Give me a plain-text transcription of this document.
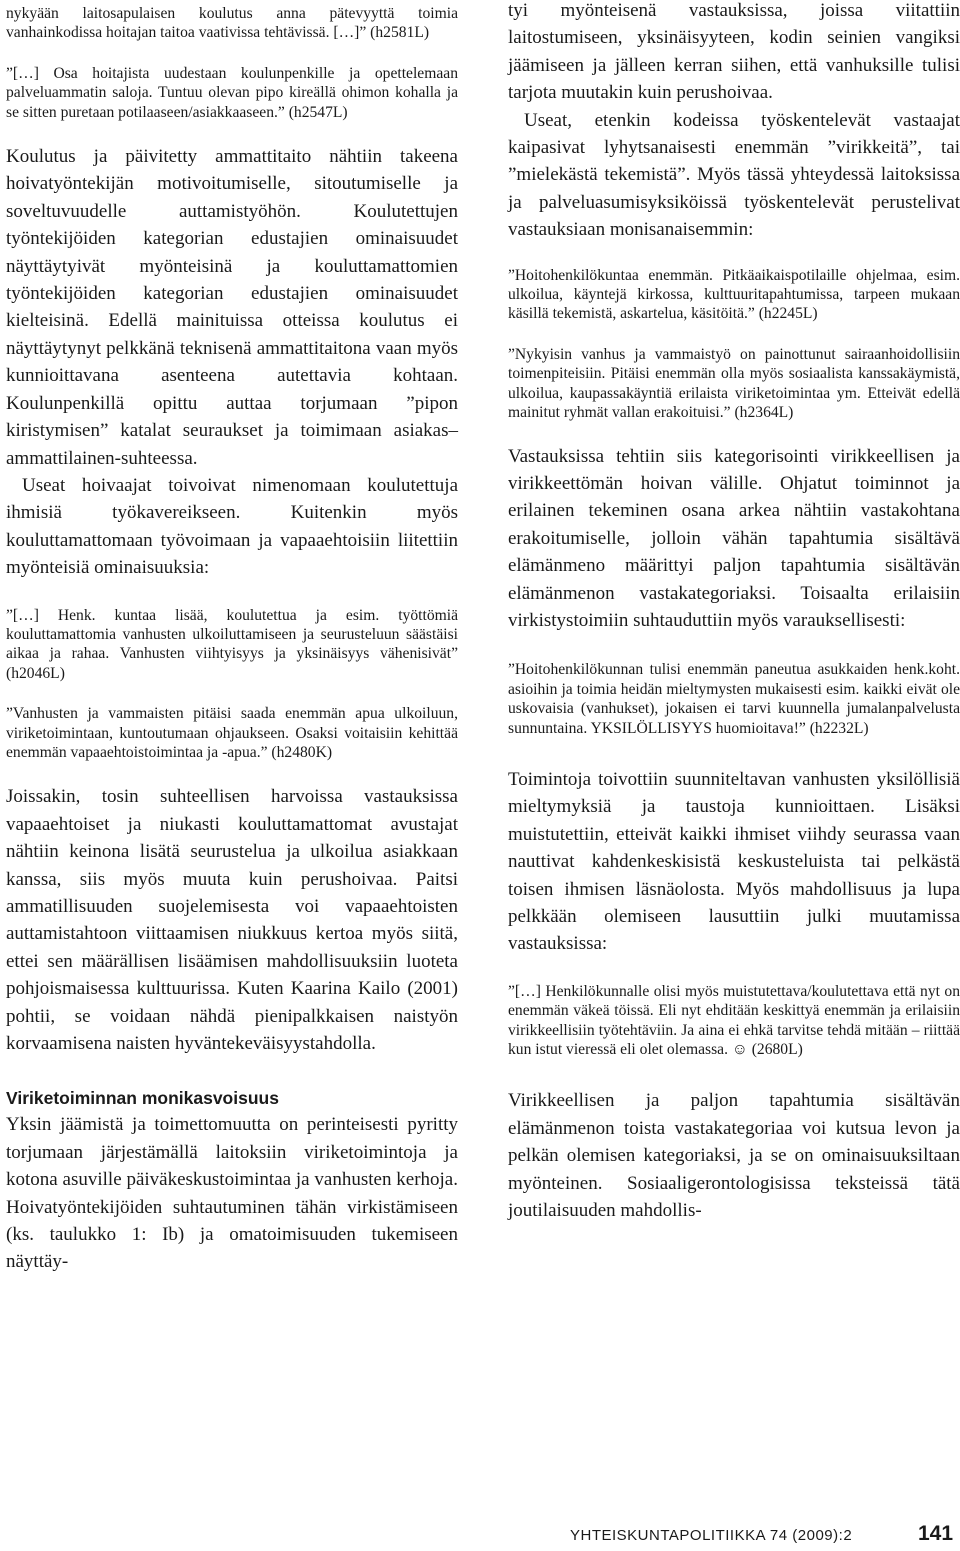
nykyään laitosapulaisen koulutus anna pätevyyttä toimia vanhainkodissa hoitajan taitoa vaativissa tehtävissä. […]” (h2581L)

”[…] Osa hoitajista uudestaan koulunpenkille ja opettelemaan palveluammatin saloja. Tuntuu olevan pipo kireällä ohimon kohalla ja se sitten puretaan potilaaseen/asiakkaaseen.” (h2547L)

Koulutus ja päivitetty ammattitaito nähtiin takeena hoivatyöntekijän motivoitumiselle, sitoutumiselle ja soveltuvuudelle auttamistyöhön. Koulutettujen työntekijöiden kategorian edustajien ominaisuudet näyttäytyivät myönteisinä ja kouluttamattomien työntekijöiden kategorian edustajien ominaisuudet kielteisinä. Edellä mainituissa otteissa koulutus ei näyttäytynyt pelkkänä teknisenä ammattitaitona vaan myös kunnioittavana asenteena autettavia kohtaan. Koulunpenkillä opittu auttaa torjumaan ”pipon kiristymisen” katalat seuraukset ja toimimaan asiakas–ammattilainen-suhteessa.

Useat hoivaajat toivoivat nimenomaan koulutettuja ihmisiä työkavereikseen. Kuitenkin myös kouluttamattomaan työvoimaan ja vapaaehtoisiin liitettiin myönteisiä ominaisuuksia:

”[…] Henk. kuntaa lisää, koulutettua ja esim. työttömiä kouluttamattomia vanhusten ulkoiluttamiseen ja seurusteluun säästäisi aikaa ja rahaa. Vanhusten viihtyisyys ja yksinäisyys vähenisivät” (h2046L)

”Vanhusten ja vammaisten pitäisi saada enemmän apua ulkoiluun, viriketoimintaan, kuntoutumaan ohjaukseen. Osaksi voitaisiin kehittää enemmän vapaaehtoistoimintaa ja -apua.” (h2480K)

Joissakin, tosin suhteellisen harvoissa vastauksissa vapaaehtoiset ja niukasti kouluttamattomat avustajat nähtiin keinona lisätä seurustelua ja ulkoilua asiakkaan kanssa, siis myös muuta kuin perushoivaa. Paitsi ammatillisuuden suojelemisesta voi vapaaehtoisten auttamistahtoon viittaamisen niukkuus kertoa myös siitä, ettei sen määrällisen lisäämisen mahdollisuuksiin luoteta pohjoismaisessa kulttuurissa. Kuten Kaarina Kailo (2001) pohtii, se voidaan nähdä pienipalkkaisen naistyön korvaamisena naisten hyväntekeväisyystahdolla.

Viriketoiminnan monikasvoisuus

Yksin jäämistä ja toimettomuutta on perinteisesti pyritty torjumaan järjestämällä laitoksiin viriketoimintoja ja kotona asuville päiväkeskustoimintaa ja vanhusten kerhoja. Hoivatyöntekijöiden suhtautuminen tähän virkistämiseen (ks. taulukko 1: Ib) ja omatoimisuuden tukemiseen näyttäy-

tyi myönteisenä vastauksissa, joissa viitattiin laitostumiseen, yksinäisyyteen, kodin seinien vangiksi jäämiseen ja jälleen kerran siihen, että vanhuksille tulisi tarjota muutakin kuin perushoivaa.

Useat, etenkin kodeissa työskentelevät vastaajat kaipasivat lyhytsanaisesti enemmän ”virikkeitä”, tai ”mielekästä tekemistä”. Myös tässä yhteydessä laitoksissa ja palveluasumisyksiköissä työskentelevät perustelivat vastauksiaan monisanaisemmin:

”Hoitohenkilökuntaa enemmän. Pitkäaikaispotilaille ohjelmaa, esim. ulkoilua, käyntejä kirkossa, kulttuuritapahtumissa, tarpeen mukaan käsillä tekemistä, askartelua, käsitöitä.” (h2245L)

”Nykyisin vanhus ja vammaistyö on painottunut sairaanhoidollisiin toimenpiteisiin. Pitäisi enemmän olla myös sosiaalista kanssakäymistä, ulkoilua, kaupassakäyntiä erilaista viriketoimintaa ym. Etteivät edellä mainitut ryhmät vallan erakoituisi.” (h2364L)

Vastauksissa tehtiin siis kategorisointi virikkeellisen ja virikkeettömän hoivan välille. Ohjatut toiminnot ja erilainen tekeminen osana arkea nähtiin vastakohtana erakoitumiselle, jolloin vähän tapahtumia sisältävä elämänmeno määrittyi paljon tapahtumia sisältävän elämänmenon vastakategoriaksi. Toisaalta erilaisiin virkistystoimiin suhtauduttiin myös varauksellisesti:

”Hoitohenkilökunnan tulisi enemmän paneutua asukkaiden henk.koht. asioihin ja toimia heidän mieltymysten mukaisesti esim. kaikki eivät ole uskovaisia (vanhukset), jokaisen ei tarvi kuunnella jumalanpalvelusta sunnuntaina. YKSILÖLLISYYS huomioitava!” (h2232L)

Toimintoja toivottiin suunniteltavan vanhusten yksilöllisiä mieltymyksiä ja taustoja kunnioittaen. Lisäksi muistutettiin, etteivät kaikki ihmiset viihdy seurassa vaan nauttivat kahdenkeskisistä keskusteluista tai pelkästä toisen ihmisen läsnäolosta. Myös mahdollisuus ja lupa pelkkään olemiseen lausuttiin julki muutamissa vastauksissa:

”[…] Henkilökunnalle olisi myös muistutettava/koulutettava että nyt on enemmän väkeä töissä. Eli nyt ehditään keskittyä enemmän ja erilaisiin virikkeellisiin työtehtäviin. Ja aina ei ehkä tarvitse tehdä mitään – riittää kun istut vieressä eli olet olemassa. ☺ (2680L)

Virikkeellisen ja paljon tapahtumia sisältävän elämänmenon toista vastakategoriaa voi kutsua levon ja pelkän olemisen kategoriaksi, ja se on ominaisuuksiltaan myönteinen. Sosiaaligerontologisissa teksteissä tätä joutilaisuuden mahdollis-

YHTEISKUNTAPOLITIIKKA 74 (2009):2	141
